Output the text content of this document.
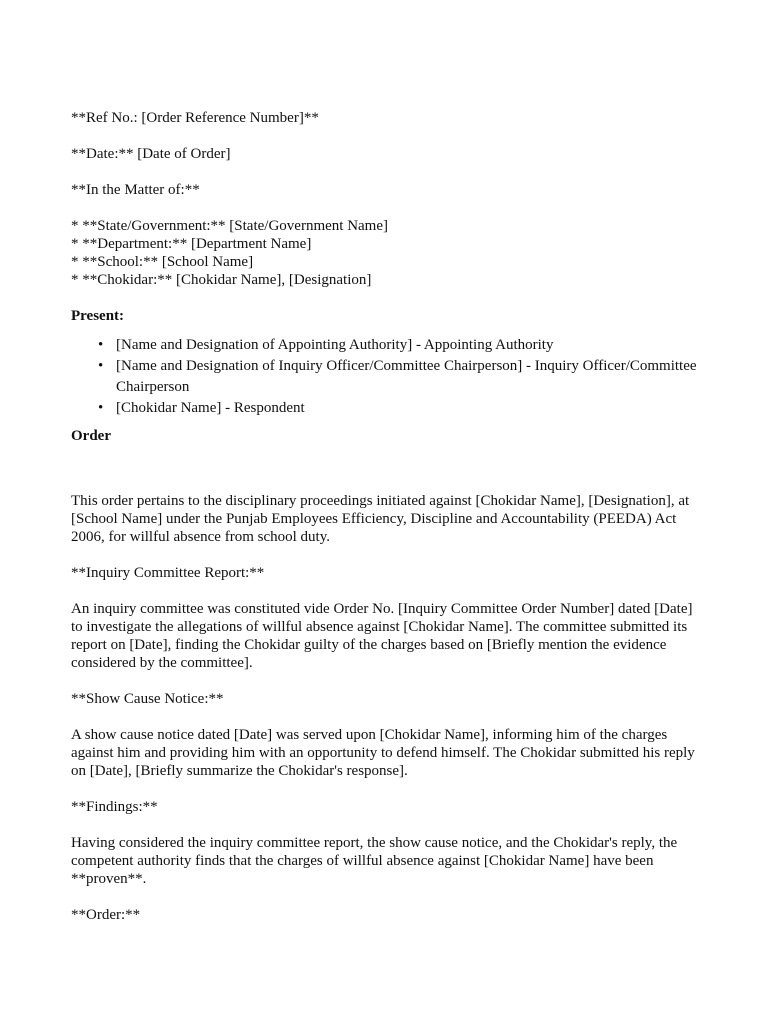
**Ref No.: [Order Reference Number]**

**Date:** [Date of Order]

**In the Matter of:**

* **State/Government:** [State/Government Name]

* **Department:** [Department Name]

* **School:** [School Name]

* **Chokidar:** [Chokidar Name], [Designation]

Present:

• [Name and Designation of Appointing Authority] - Appointing Authority
• [Name and Designation of Inquiry Officer/Committee Chairperson] - Inquiry Officer/Committee Chairperson
• [Chokidar Name] - Respondent

Order

This order pertains to the disciplinary proceedings initiated against [Chokidar Name], [Designation], at [School Name] under the Punjab Employees Efficiency, Discipline and Accountability (PEEDA) Act 2006, for willful absence from school duty.

**Inquiry Committee Report:**

An inquiry committee was constituted vide Order No. [Inquiry Committee Order Number] dated [Date] to investigate the allegations of willful absence against [Chokidar Name]. The committee submitted its report on [Date], finding the Chokidar guilty of the charges based on [Briefly mention the evidence considered by the committee].

**Show Cause Notice:**

A show cause notice dated [Date] was served upon [Chokidar Name], informing him of the charges against him and providing him with an opportunity to defend himself. The Chokidar submitted his reply on [Date], [Briefly summarize the Chokidar's response].

**Findings:**

Having considered the inquiry committee report, the show cause notice, and the Chokidar's reply, the competent authority finds that the charges of willful absence against [Chokidar Name] have been **proven**.

**Order:**
